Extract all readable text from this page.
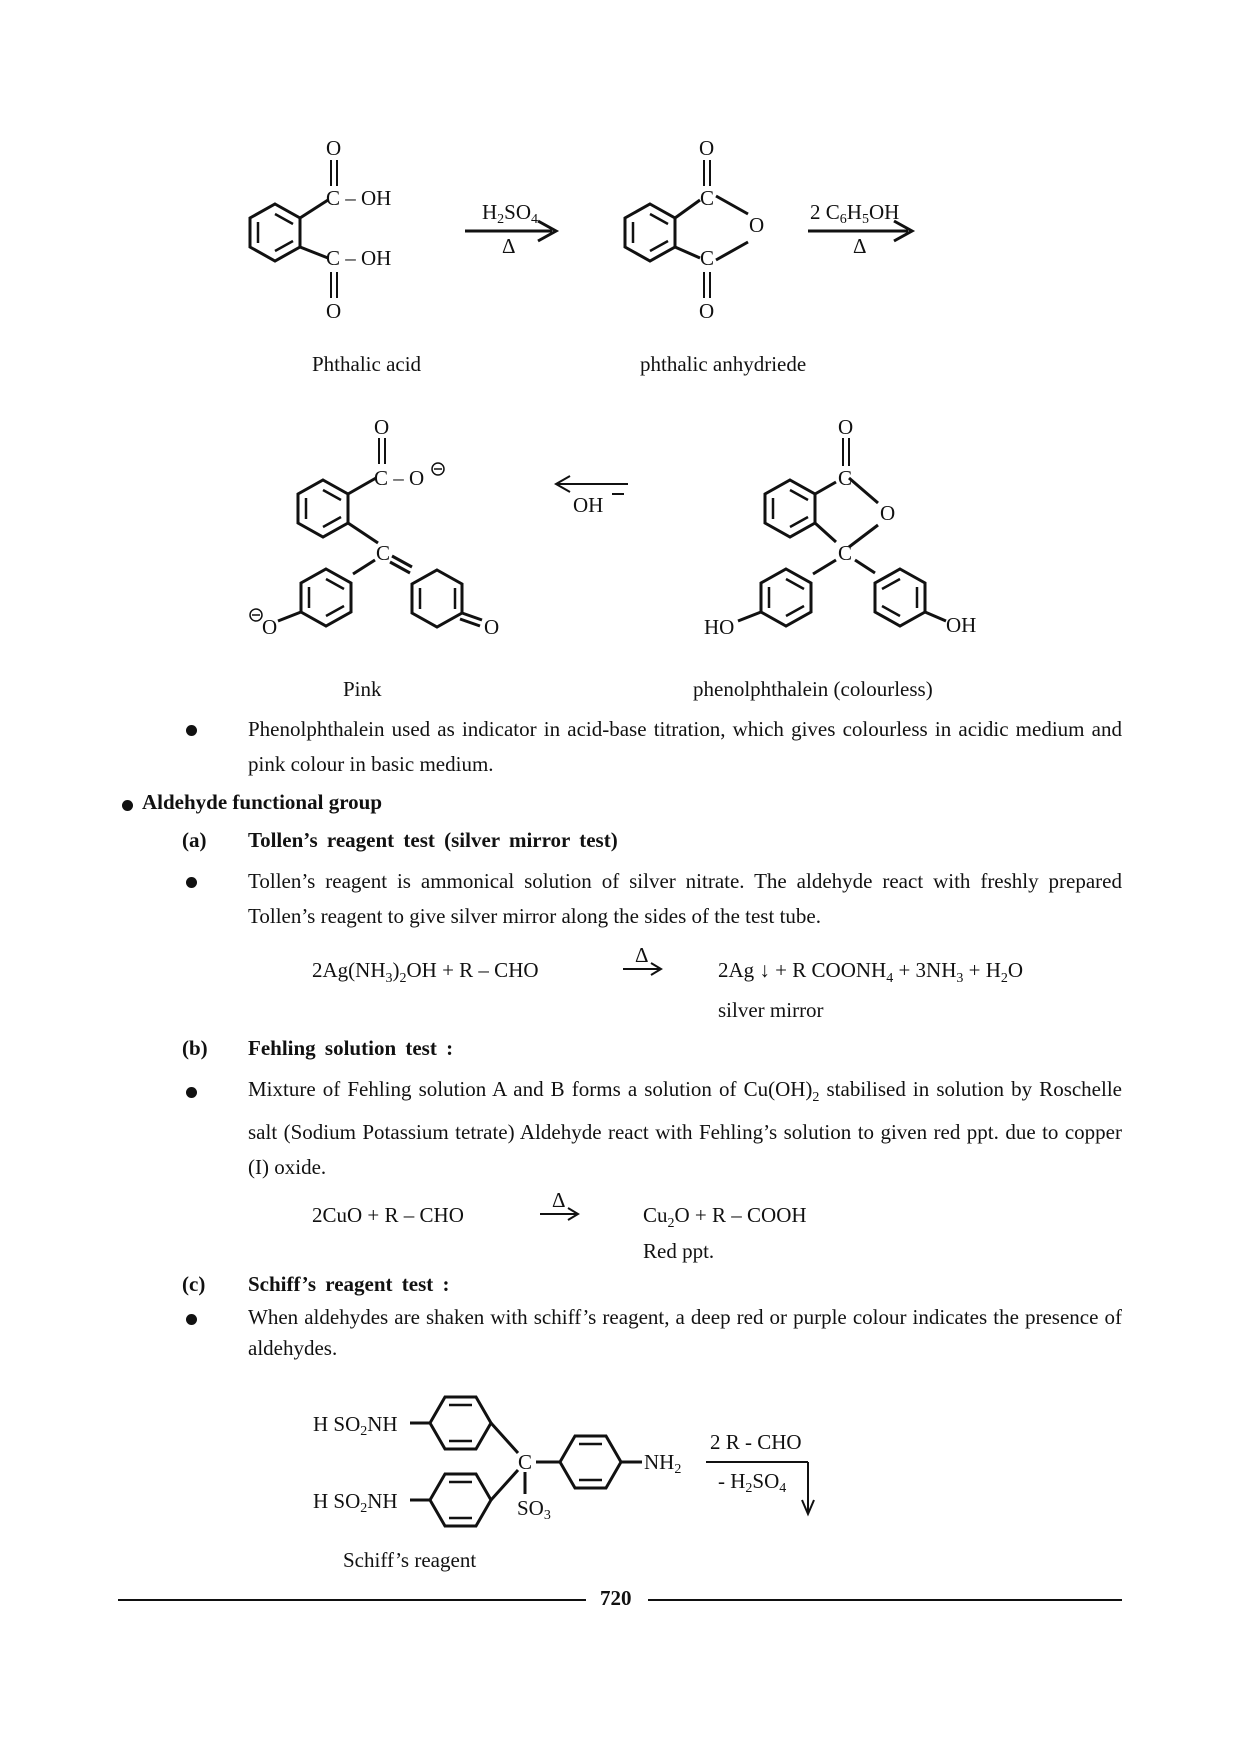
O
C – OH
C – OH
O
H2SO4
Δ
O
C
O
C
O
2 C6H5OH
Δ
Phthalic acid	phthalic anhydriede
O
C – O
C
O	O
OH
O
C
O
C
HO	OH
Pink	phenolphthalein (colourless)
Phenolphthalein used as indicator in acid-base titration, which gives colourless in acidic medium and pink colour in basic medium.
Aldehyde functional group
(a) Tollen’s reagent test (silver mirror test)
Tollen’s reagent is ammonical solution of silver nitrate. The aldehyde react with freshly prepared Tollen’s reagent to give silver mirror along the sides of the test tube.
$2Ag(NH_3)_2OH + R$ – CHO
Δ
2Ag ↓ + R $COONH_4 + 3NH_3 + H_2O$
silver mirror
(b) Fehling solution test :
Mixture of Fehling solution A and B forms a solution of $Cu(OH)_2$ stabilised in solution by Roschelle salt (Sodium Potassium tetrate) Aldehyde react with Fehling’s solution to given red ppt. due to copper (I) oxide.
2CuO + R – CHO
Δ
$Cu_2O + R$ – COOH
Red ppt.
(c) Schiff’s reagent test :
When aldehydes are shaken with schiff’s reagent, a deep red or purple colour indicates the presence of aldehydes.
H SO2NH
H SO2NH
C
SO3
NH2
2 R - CHO
- H2SO4
Schiff’s reagent
720
